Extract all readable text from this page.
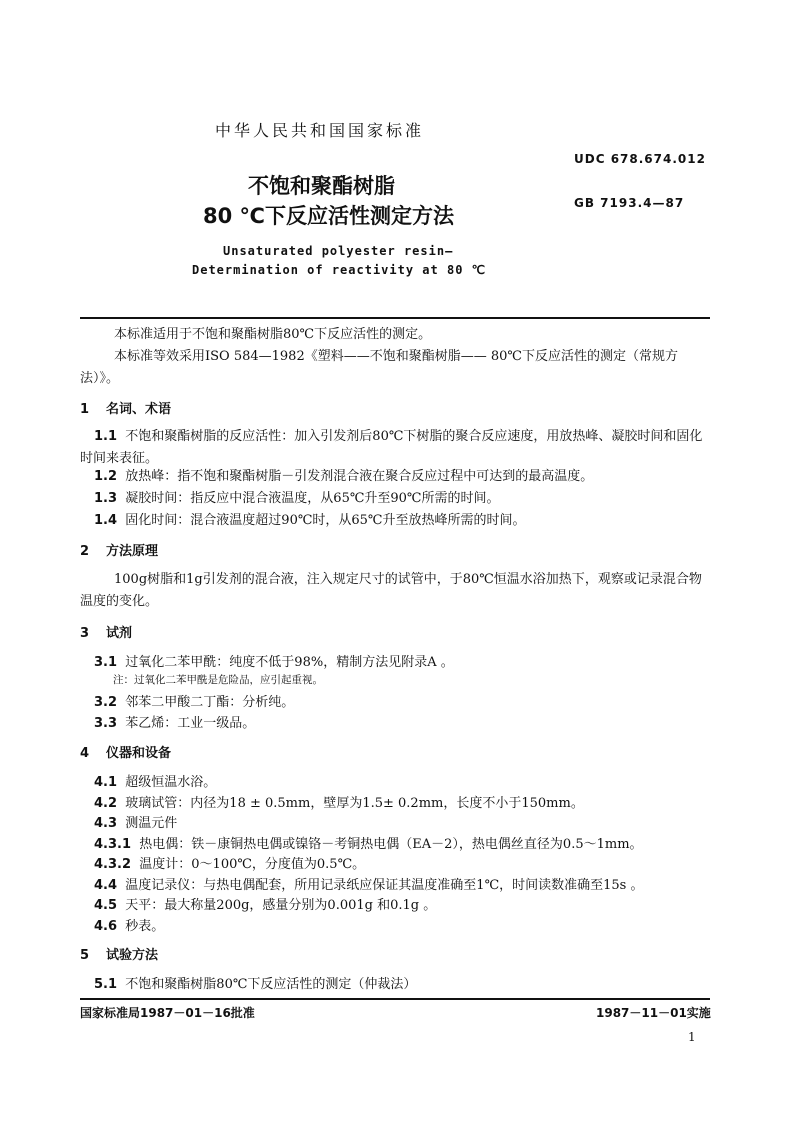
中华人民共和国国家标准
UDC 678.674.012
不饱和聚酯树脂
80 ℃下反应活性测定方法
GB 7193.4—87
Unsaturated polyester resin—
Determination of reactivity at 80 ℃
本标准适用于不饱和聚酯树脂80℃下反应活性的测定。
本标准等效采用ISO 584—1982《塑料——不饱和聚酯树脂—— 80℃下反应活性的测定（常规方法）》。
1 名词、术语
1.1 不饱和聚酯树脂的反应活性：加入引发剂后80℃下树脂的聚合反应速度，用放热峰、凝胶时间和固化时间来表征。
1.2 放热峰：指不饱和聚酯树脂－引发剂混合液在聚合反应过程中可达到的最高温度。
1.3 凝胶时间：指反应中混合液温度，从65℃升至90℃所需的时间。
1.4 固化时间：混合液温度超过90℃时，从65℃升至放热峰所需的时间。
2 方法原理
100g树脂和1g引发剂的混合液，注入规定尺寸的试管中，于80℃恒温水浴加热下，观察或记录混合物温度的变化。
3 试剂
3.1 过氧化二苯甲酰：纯度不低于98%，精制方法见附录A 。
注：过氧化二苯甲酰是危险品，应引起重视。
3.2 邻苯二甲酸二丁酯：分析纯。
3.3 苯乙烯：工业一级品。
4 仪器和设备
4.1 超级恒温水浴。
4.2 玻璃试管：内径为18 ± 0.5mm，壁厚为1.5± 0.2mm，长度不小于150mm。
4.3 测温元件
4.3.1 热电偶：铁－康铜热电偶或镍铬－考铜热电偶（EA－2），热电偶丝直径为0.5～1mm。
4.3.2 温度计：0～100℃，分度值为0.5℃。
4.4 温度记录仪：与热电偶配套，所用记录纸应保证其温度准确至1℃，时间读数准确至15s 。
4.5 天平：最大称量200g，感量分别为0.001g 和0.1g 。
4.6 秒表。
5 试验方法
5.1 不饱和聚酯树脂80℃下反应活性的测定（仲裁法）
国家标准局1987－01－16批准	1987－11－01实施
1
